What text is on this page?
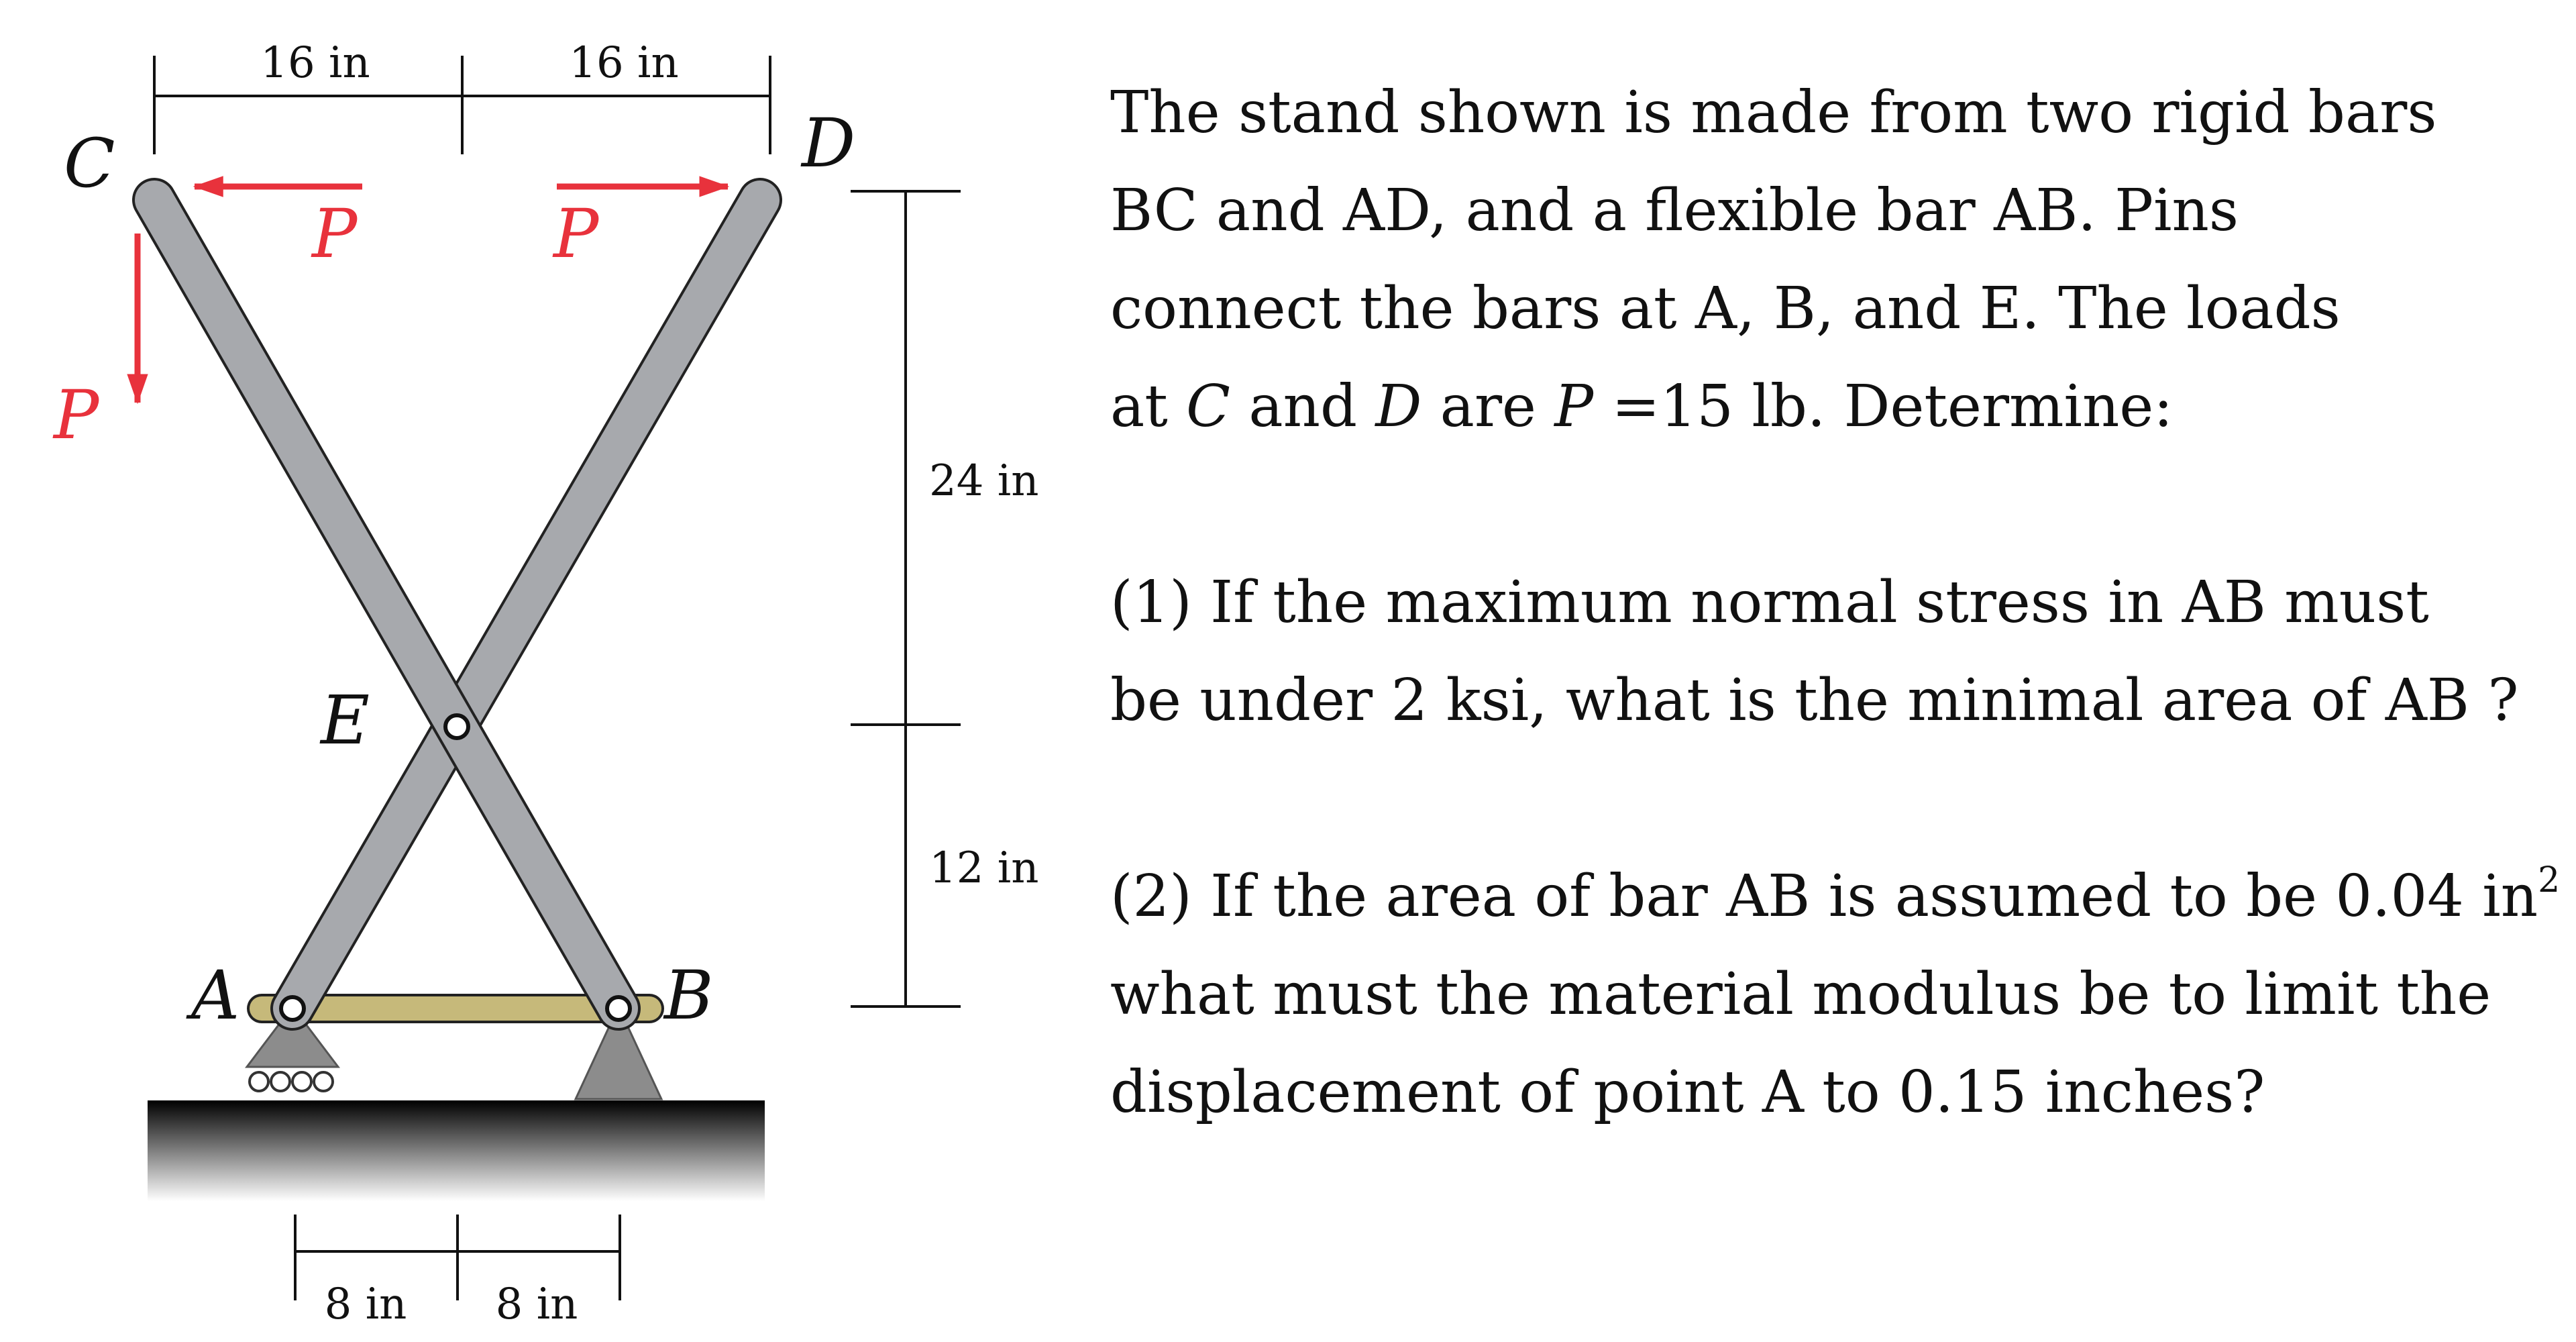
16 in	16 in
24 in
12 in
8 in 8 in
P
P
P
C	D
E
A	B
The stand shown is made from two rigid bars
BC and AD, and a flexible bar AB. Pins
connect the bars at A, B, and E. The loads
at C and D are P =15 lb. Determine:
(1) If the maximum normal stress in AB must
be under 2 ksi, what is the minimal area of AB ?
(2) If the area of bar AB is assumed to be 0.04 $in^2$
what must the material modulus be to limit the
displacement of point A to 0.15 inches?
